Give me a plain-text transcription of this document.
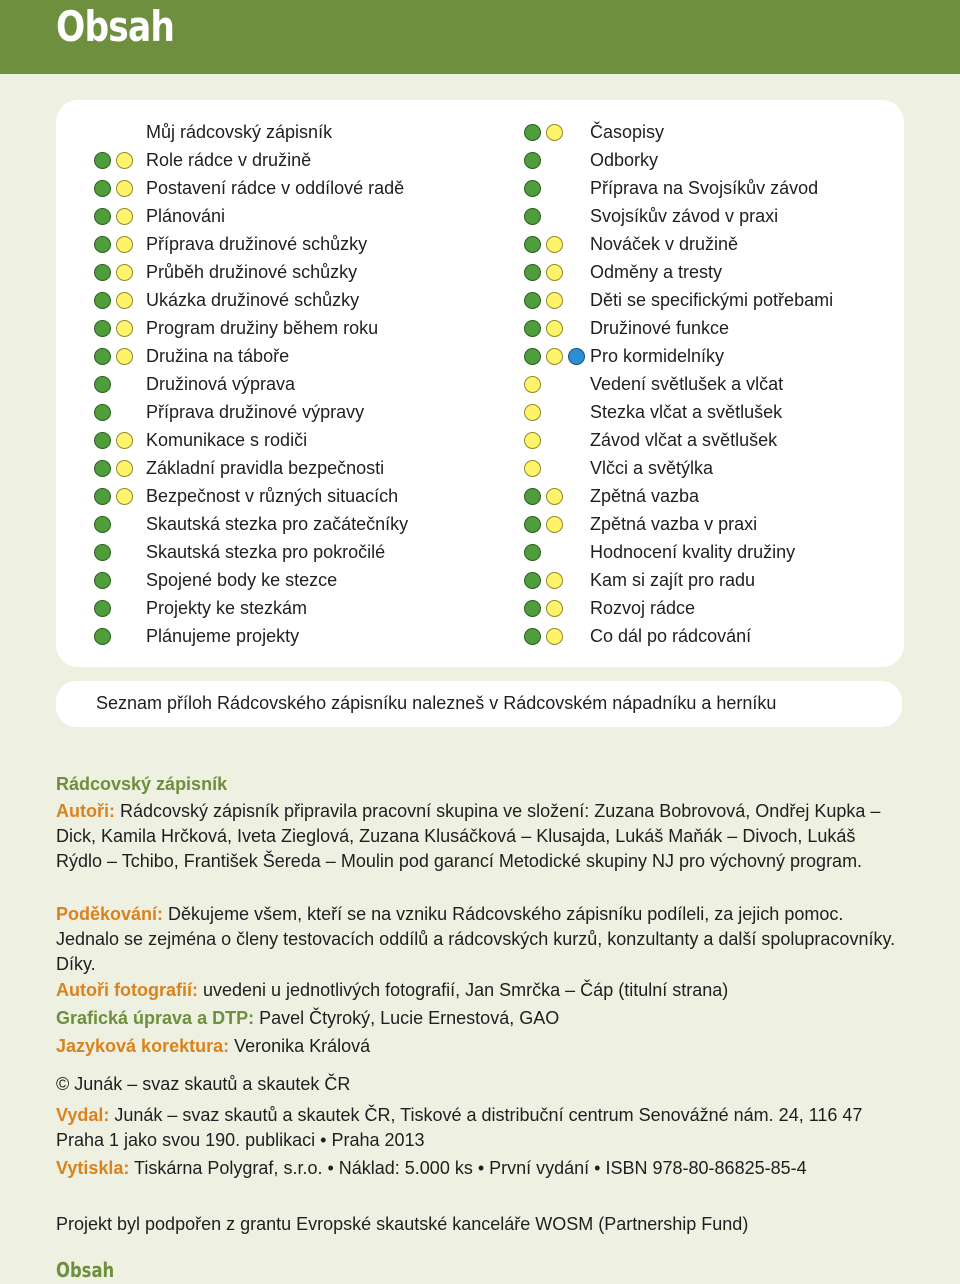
Obsah
Můj rádcovský zápisník
Role rádce v družině
Postavení rádce v oddílové radě
Plánováni
Příprava družinové schůzky
Průběh družinové schůzky
Ukázka družinové schůzky
Program družiny během roku
Družina na táboře
Družinová výprava
Příprava družinové výpravy
Komunikace s rodiči
Základní pravidla bezpečnosti
Bezpečnost v různých situacích
Skautská stezka pro začátečníky
Skautská stezka pro pokročilé
Spojené body ke stezce
Projekty ke stezkám
Plánujeme projekty
Časopisy
Odborky
Příprava na Svojsíkův závod
Svojsíkův závod v praxi
Nováček v družině
Odměny a tresty
Děti se specifickými potřebami
Družinové funkce
Pro kormidelníky
Vedení světlušek a vlčat
Stezka vlčat a světlušek
Závod vlčat a světlušek
Vlčci a světýlka
Zpětná vazba
Zpětná vazba v praxi
Hodnocení kvality družiny
Kam si zajít pro radu
Rozvoj rádce
Co dál po rádcování
Seznam příloh Rádcovského zápisníku nalezneš v Rádcovském nápadníku a herníku
Rádcovský zápisník
Autoři: Rádcovský zápisník připravila pracovní skupina ve složení: Zuzana Bobrovová, Ondřej Kupka – Dick, Kamila Hrčková, Iveta Zieglová, Zuzana Klusáčková – Klusajda, Lukáš Maňák – Divoch, Lukáš Rýdlo – Tchibo, František Šereda – Moulin pod garancí Metodické skupiny NJ pro výchovný program.
Poděkování: Děkujeme všem, kteří se na vzniku Rádcovského zápisníku podíleli, za jejich pomoc. Jednalo se zejména o členy testovacích oddílů a rádcovských kurzů, konzultanty a další spolupracovníky. Díky.
Autoři fotografií: uvedeni u jednotlivých fotografií, Jan Smrčka – Čáp (titulní strana)
Grafická úprava a DTP: Pavel Čtyroký, Lucie Ernestová, GAO
Jazyková korektura: Veronika Králová
© Junák – svaz skautů a skautek ČR
Vydal: Junák – svaz skautů a skautek ČR, Tiskové a distribuční centrum Senovážné nám. 24, 116 47 Praha 1 jako svou 190. publikaci • Praha 2013
Vytiskla: Tiskárna Polygraf, s.r.o. • Náklad: 5.000 ks • První vydání • ISBN 978-80-86825-85-4
Projekt byl podpořen z grantu Evropské skautské kanceláře WOSM (Partnership Fund)
Obsah
